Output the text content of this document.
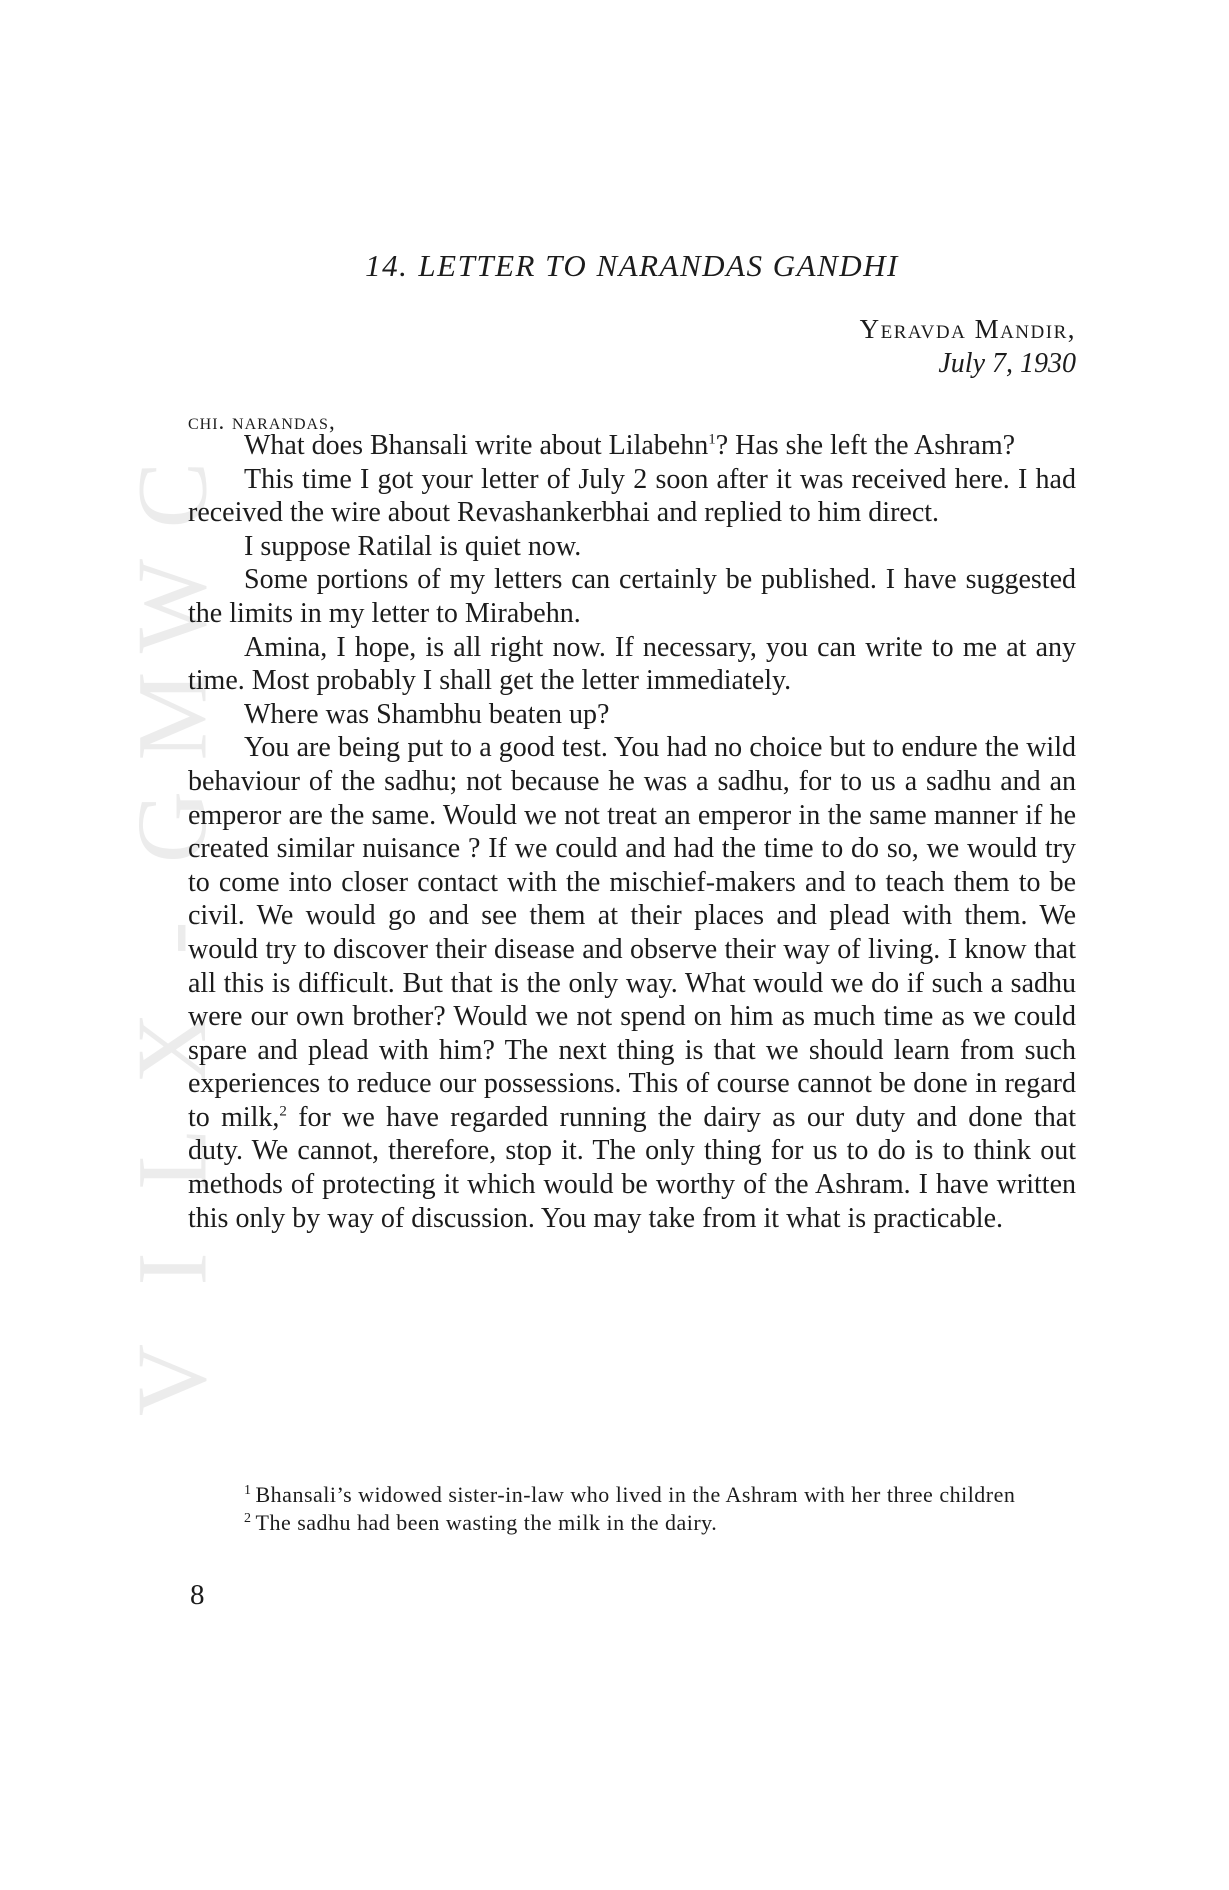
C
W
M
G
-
X
L
I
V
14. LETTER TO NARANDAS GANDHI
Yeravda Mandir,
July 7, 1930
chi. narandas,

What does Bhansali write about Lilabehn$^1$? Has she left the Ashram?

This time I got your letter of July 2 soon after it was received here. I had received the wire about Revashankerbhai and replied to him direct.

I suppose Ratilal is quiet now.

Some portions of my letters can certainly be published. I have suggested the limits in my letter to Mirabehn.

Amina, I hope, is all right now. If necessary, you can write to me at any time. Most probably I shall get the letter immediately.

Where was Shambhu beaten up?

You are being put to a good test. You had no choice but to endure the wild behaviour of the sadhu; not because he was a sadhu, for to us a sadhu and an emperor are the same. Would we not treat an emperor in the same manner if he created similar nuisance ? If we could and had the time to do so, we would try to come into closer contact with the mischief-makers and to teach them to be civil. We would go and see them at their places and plead with them. We would try to discover their disease and observe their way of living. I know that all this is difficult. But that is the only way. What would we do if such a sadhu were our own brother? Would we not spend on him as much time as we could spare and plead with him? The next thing is that we should learn from such experiences to reduce our possessions. This of course cannot be done in regard to milk,$^2$ for we have regarded running the dairy as our duty and done that duty. We cannot, therefore, stop it. The only thing for us to do is to think out methods of protecting it which would be worthy of the Ashram. I have written this only by way of discussion. You may take from it what is practicable.

$^1$ Bhansali’s widowed sister-in-law who lived in the Ashram with her three children

$^2$ The sadhu had been wasting the milk in the dairy.

8
